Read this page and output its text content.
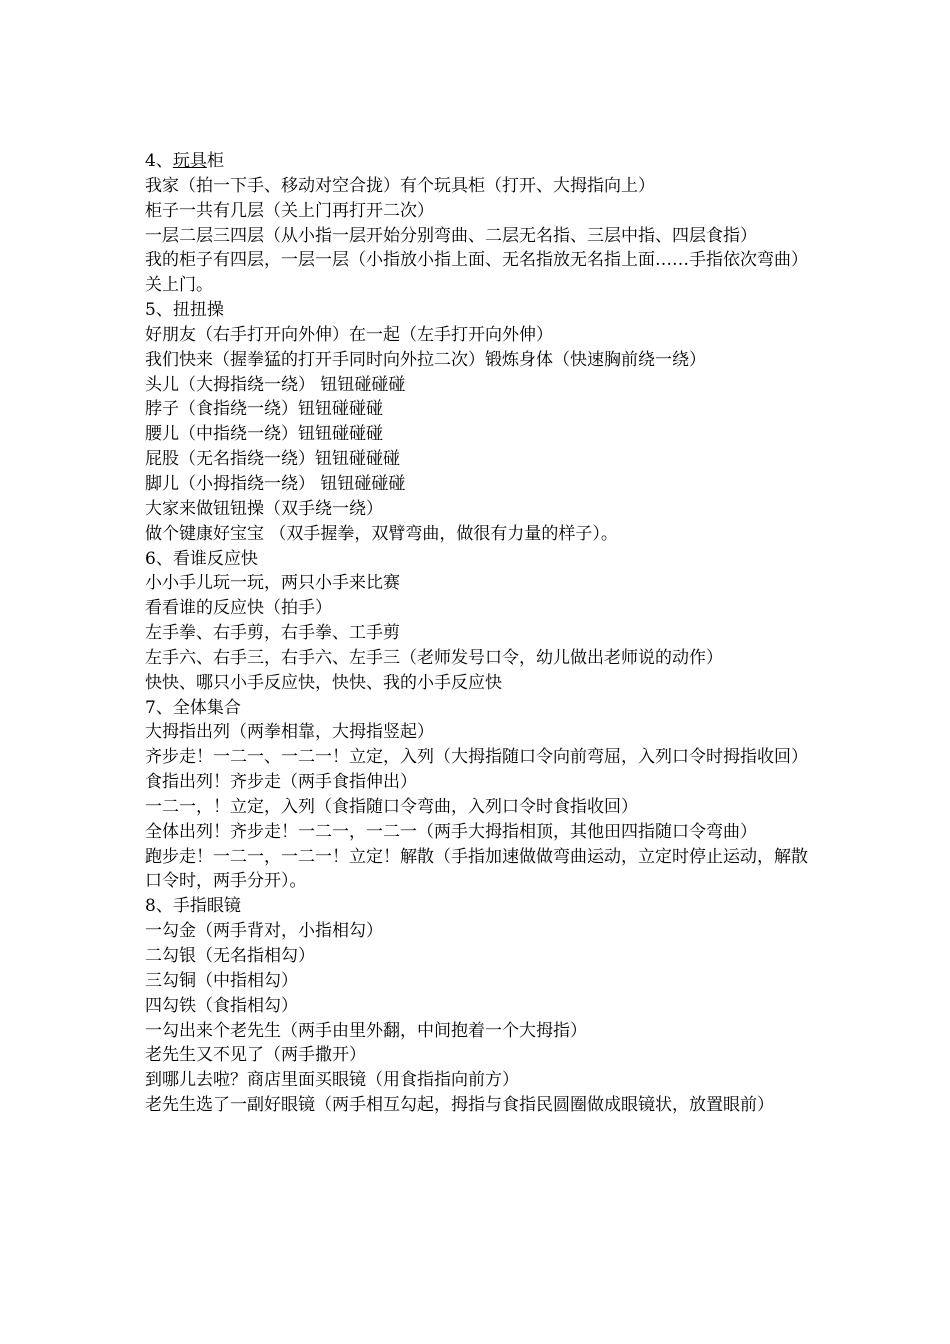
4、玩具柜
我家（拍一下手、移动对空合拢）有个玩具柜（打开、大拇指向上）
柜子一共有几层（关上门再打开二次）
一层二层三四层（从小指一层开始分别弯曲、二层无名指、三层中指、四层食指）
我的柜子有四层，一层一层（小指放小指上面、无名指放无名指上面……手指依次弯曲）关上门。
5、扭扭操
好朋友（右手打开向外伸）在一起（左手打开向外伸）
我们快来（握拳猛的打开手同时向外拉二次）锻炼身体（快速胸前绕一绕）
头儿（大拇指绕一绕） 钮钮碰碰碰
脖子（食指绕一绕）钮钮碰碰碰
腰儿（中指绕一绕）钮钮碰碰碰
屁股（无名指绕一绕）钮钮碰碰碰
脚儿（小拇指绕一绕） 钮钮碰碰碰
大家来做钮钮操（双手绕一绕）
做个键康好宝宝 （双手握拳，双臂弯曲，做很有力量的样子）。
6、看谁反应快
小小手儿玩一玩，两只小手来比赛
看看谁的反应快（拍手）
左手拳、右手剪，右手拳、工手剪
左手六、右手三，右手六、左手三（老师发号口令，幼儿做出老师说的动作）
快快、哪只小手反应快，快快、我的小手反应快
7、全体集合
大拇指出列（两拳相靠，大拇指竖起）
齐步走！一二一、一二一！立定，入列（大拇指随口令向前弯屈，入列口令时拇指收回）
食指出列！齐步走（两手食指伸出）
一二一，！立定，入列（食指随口令弯曲，入列口令时食指收回）
全体出列！齐步走！一二一，一二一（两手大拇指相顶，其他田四指随口令弯曲）
跑步走！一二一，一二一！立定！解散（手指加速做做弯曲运动，立定时停止运动，解散口令时，两手分开）。
8、手指眼镜
一勾金（两手背对，小指相勾）
二勾银（无名指相勾）
三勾铜（中指相勾）
四勾铁（食指相勾）
一勾出来个老先生（两手由里外翻，中间抱着一个大拇指）
老先生又不见了（两手撒开）
到哪儿去啦？商店里面买眼镜（用食指指向前方）
老先生选了一副好眼镜（两手相互勾起，拇指与食指民圆圈做成眼镜状，放置眼前）
